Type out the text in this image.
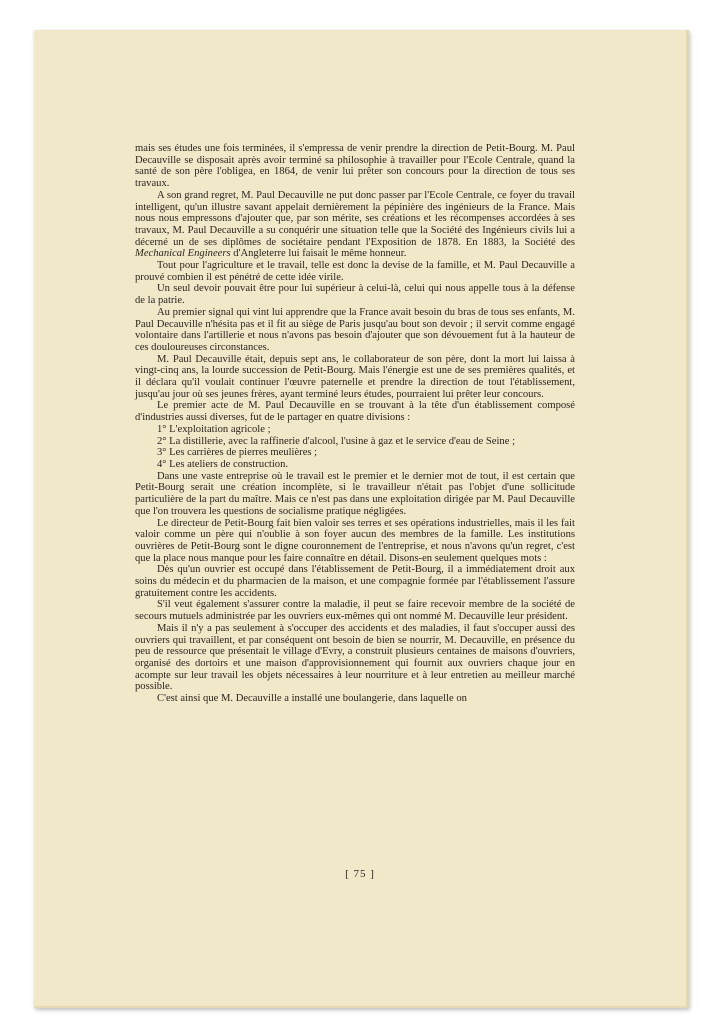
mais ses études une fois terminées, il s'empressa de venir prendre la direction de Petit-Bourg. M. Paul Decauville se disposait après avoir terminé sa philosophie à travailler pour l'Ecole Centrale, quand la santé de son père l'obligea, en 1864, de venir lui prêter son concours pour la direction de tous ses travaux.

A son grand regret, M. Paul Decauville ne put donc passer par l'Ecole Centrale, ce foyer du travail intelligent, qu'un illustre savant appelait dernièrement la pépinière des ingénieurs de la France. Mais nous nous empressons d'ajouter que, par son mérite, ses créations et les récompenses accordées à ses travaux, M. Paul Decauville a su conquérir une situation telle que la Société des Ingénieurs civils lui a décerné un de ses diplômes de sociétaire pendant l'Exposition de 1878. En 1883, la Société des Mechanical Engineers d'Angleterre lui faisait le même honneur.

Tout pour l'agriculture et le travail, telle est donc la devise de la famille, et M. Paul Decauville a prouvé combien il est pénétré de cette idée virile.

Un seul devoir pouvait être pour lui supérieur à celui-là, celui qui nous appelle tous à la défense de la patrie.

Au premier signal qui vint lui apprendre que la France avait besoin du bras de tous ses enfants, M. Paul Decauville n'hésita pas et il fit au siège de Paris jusqu'au bout son devoir ; il servit comme engagé volontaire dans l'artillerie et nous n'avons pas besoin d'ajouter que son dévouement fut à la hauteur de ces douloureuses circonstances.

M. Paul Decauville était, depuis sept ans, le collaborateur de son père, dont la mort lui laissa à vingt-cinq ans, la lourde succession de Petit-Bourg. Mais l'énergie est une de ses premières qualités, et il déclara qu'il voulait continuer l'œuvre paternelle et prendre la direction de tout l'établissement, jusqu'au jour où ses jeunes frères, ayant terminé leurs études, pourraient lui prêter leur concours.

Le premier acte de M. Paul Decauville en se trouvant à la tête d'un établissement composé d'industries aussi diverses, fut de le partager en quatre divisions :

1° L'exploitation agricole ;

2° La distillerie, avec la raffinerie d'alcool, l'usine à gaz et le service d'eau de Seine ;

3° Les carrières de pierres meulières ;

4° Les ateliers de construction.

Dans une vaste entreprise où le travail est le premier et le dernier mot de tout, il est certain que Petit-Bourg serait une création incomplète, si le travailleur n'était pas l'objet d'une sollicitude particulière de la part du maître. Mais ce n'est pas dans une exploitation dirigée par M. Paul Decauville que l'on trouvera les questions de socialisme pratique négligées.

Le directeur de Petit-Bourg fait bien valoir ses terres et ses opérations industrielles, mais il les fait valoir comme un père qui n'oublie à son foyer aucun des membres de la famille. Les institutions ouvrières de Petit-Bourg sont le digne couronnement de l'entreprise, et nous n'avons qu'un regret, c'est que la place nous manque pour les faire connaître en détail. Disons-en seulement quelques mots :

Dès qu'un ouvrier est occupé dans l'établissement de Petit-Bourg, il a immédiatement droit aux soins du médecin et du pharmacien de la maison, et une compagnie formée par l'établissement l'assure gratuitement contre les accidents.

S'il veut également s'assurer contre la maladie, il peut se faire recevoir membre de la société de secours mutuels administrée par les ouvriers eux-mêmes qui ont nommé M. Decauville leur président.

Mais il n'y a pas seulement à s'occuper des accidents et des maladies, il faut s'occuper aussi des ouvriers qui travaillent, et par conséquent ont besoin de bien se nourrir, M. Decauville, en présence du peu de ressource que présentait le village d'Evry, a construit plusieurs centaines de maisons d'ouvriers, organisé des dortoirs et une maison d'approvisionnement qui fournit aux ouvriers chaque jour en acompte sur leur travail les objets nécessaires à leur nourriture et à leur entretien au meilleur marché possible.

C'est ainsi que M. Decauville a installé une boulangerie, dans laquelle on

[ 75 ]
